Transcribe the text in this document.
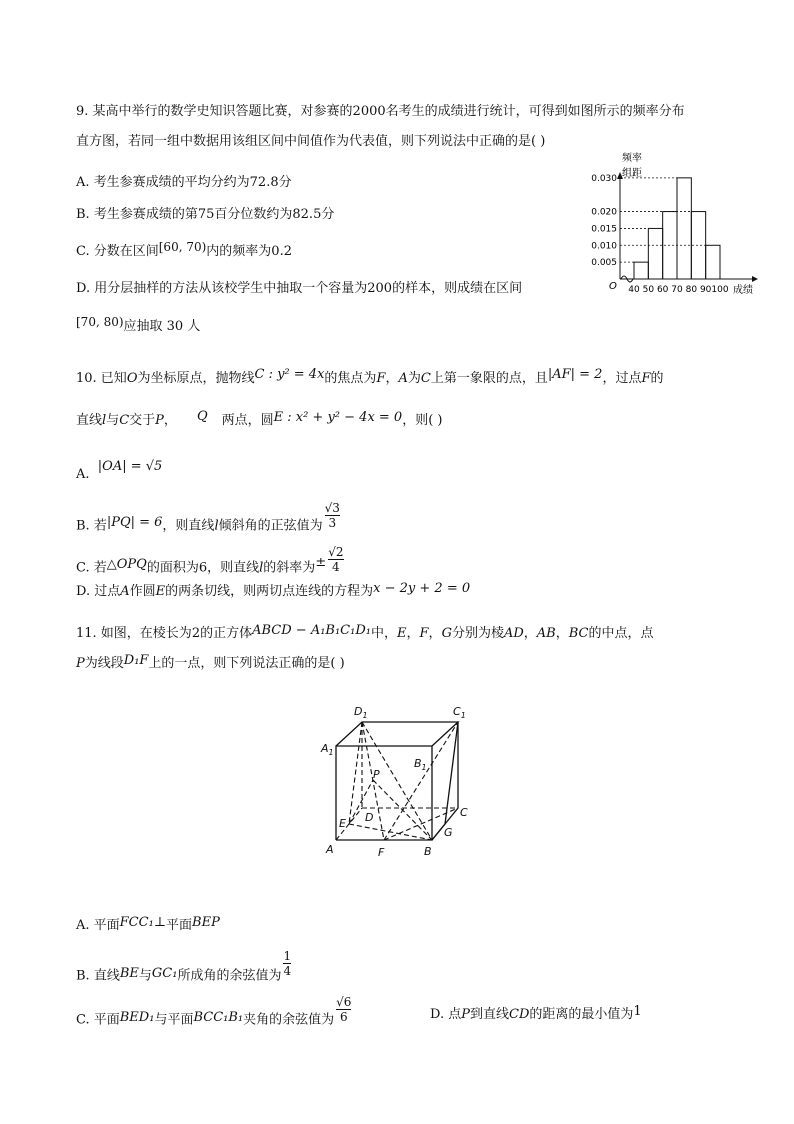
9. 某高中举行的数学史知识答题比赛，对参赛的2000名考生的成绩进行统计，可得到如图所示的频率分布
直方图，若同一组中数据用该组区间中间值作为代表值，则下列说法中正确的是( )
A. 考生参赛成绩的平均分约为72.8分
B. 考生参赛成绩的第75百分位数约为82.5分
C. 分数在区间[60, 70)内的频率为0.2
D. 用分层抽样的方法从该校学生中抽取一个容量为200的样本，则成绩在区间
[70, 80)应抽取 30 人
0.005
0.010
0.015
0.020
0.030
40 50 60 70 80 90 100
频率
组距
成绩
O
10. 已知O为坐标原点，抛物线C : y² = 4x的焦点为F，A为C上第一象限的点，且|AF| = 2，过点F的
直线l与C交于P， Q 两点，圆E : x² + y² − 4x = 0，则( )
A.  |OA| = √5
B. 若|PQ| = 6，则直线l倾斜角的正弦值为 $\frac{√3}{3}$
C. 若△OPQ的面积为6，则直线l的斜率为± $\frac{√2}{4}$
D. 过点A作圆E的两条切线，则两切点连线的方程为x − 2y + 2 = 0
11. 如图，在棱长为2的正方体ABCD − A₁B₁C₁D₁中，E，F，G分别为棱AD，AB，BC的中点，点
P为线段D₁F上的一点，则下列说法正确的是( )
$D_1$	$C_1$
$A_1$
$B_1$
P
D	C
E
G
A	F	B
A. 平面FCC₁⊥平面BEP
B. 直线BE与GC₁所成角的余弦值为 $\frac{1}{4}$
C. 平面BED₁与平面BCC₁B₁夹角的余弦值为 $\frac{√6}{6}$	D. 点P到直线CD的距离的最小值为1
